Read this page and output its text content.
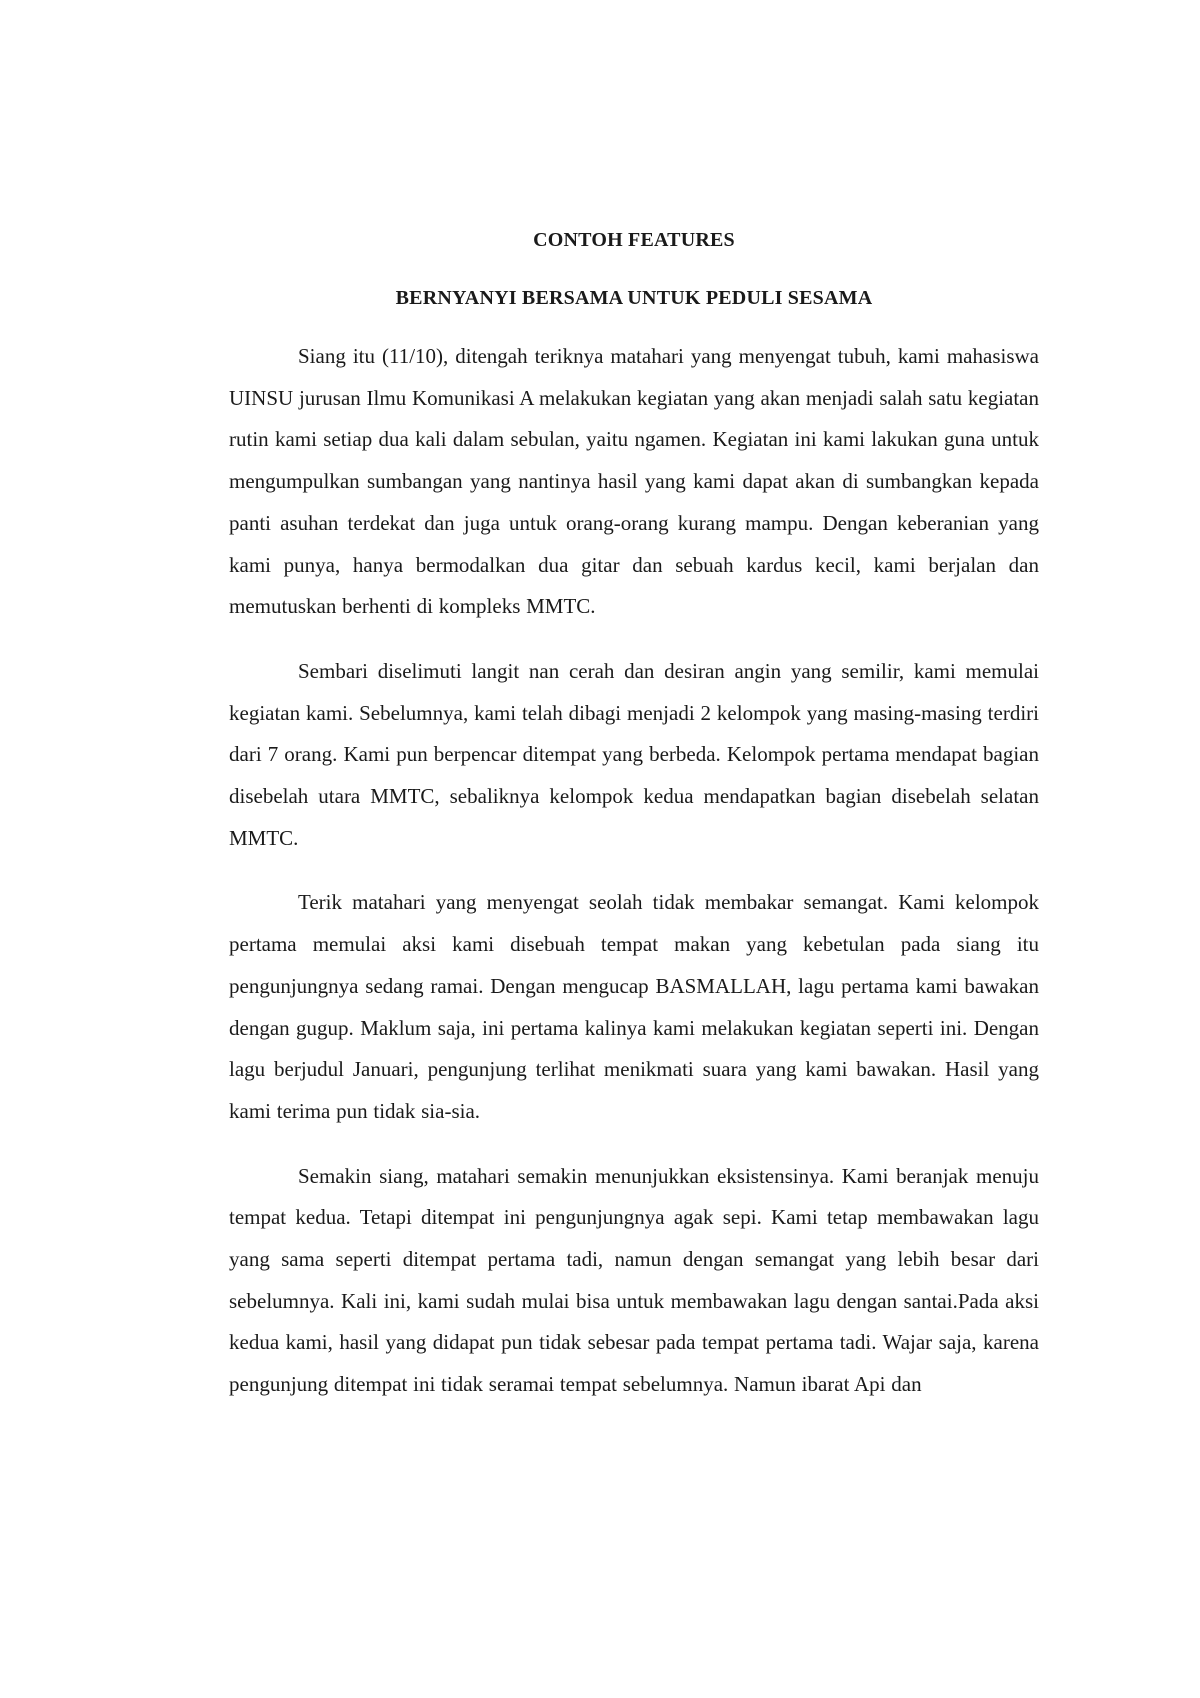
CONTOH FEATURES
BERNYANYI BERSAMA UNTUK PEDULI SESAMA

Siang itu (11/10), ditengah teriknya matahari yang menyengat tubuh, kami mahasiswa UINSU jurusan Ilmu Komunikasi A melakukan kegiatan yang akan menjadi salah satu kegiatan rutin kami setiap dua kali dalam sebulan, yaitu ngamen. Kegiatan ini kami lakukan guna untuk mengumpulkan sumbangan yang nantinya hasil yang kami dapat akan di sumbangkan kepada panti asuhan terdekat dan juga untuk orang-orang kurang mampu. Dengan keberanian yang kami punya, hanya bermodalkan dua gitar dan sebuah kardus kecil, kami berjalan dan memutuskan berhenti di kompleks MMTC.

Sembari diselimuti langit nan cerah dan desiran angin yang semilir, kami memulai kegiatan kami. Sebelumnya, kami telah dibagi menjadi 2 kelompok yang masing-masing terdiri dari 7 orang. Kami pun berpencar ditempat yang berbeda. Kelompok pertama mendapat bagian disebelah utara MMTC, sebaliknya kelompok kedua mendapatkan bagian disebelah selatan MMTC.

Terik matahari yang menyengat seolah tidak membakar semangat. Kami kelompok pertama memulai aksi kami disebuah tempat makan yang kebetulan pada siang itu pengunjungnya sedang ramai. Dengan mengucap BASMALLAH, lagu pertama kami bawakan dengan gugup. Maklum saja, ini pertama kalinya kami melakukan kegiatan seperti ini. Dengan lagu berjudul Januari, pengunjung terlihat menikmati suara yang kami bawakan. Hasil yang kami terima pun tidak sia-sia.

Semakin siang, matahari semakin menunjukkan eksistensinya. Kami beranjak menuju tempat kedua. Tetapi ditempat ini pengunjungnya agak sepi. Kami tetap membawakan lagu yang sama seperti ditempat pertama tadi, namun dengan semangat yang lebih besar dari sebelumnya. Kali ini, kami sudah mulai bisa untuk membawakan lagu dengan santai.Pada aksi kedua kami, hasil yang didapat pun tidak sebesar pada tempat pertama tadi. Wajar saja, karena pengunjung ditempat ini tidak seramai tempat sebelumnya. Namun ibarat Api dan
